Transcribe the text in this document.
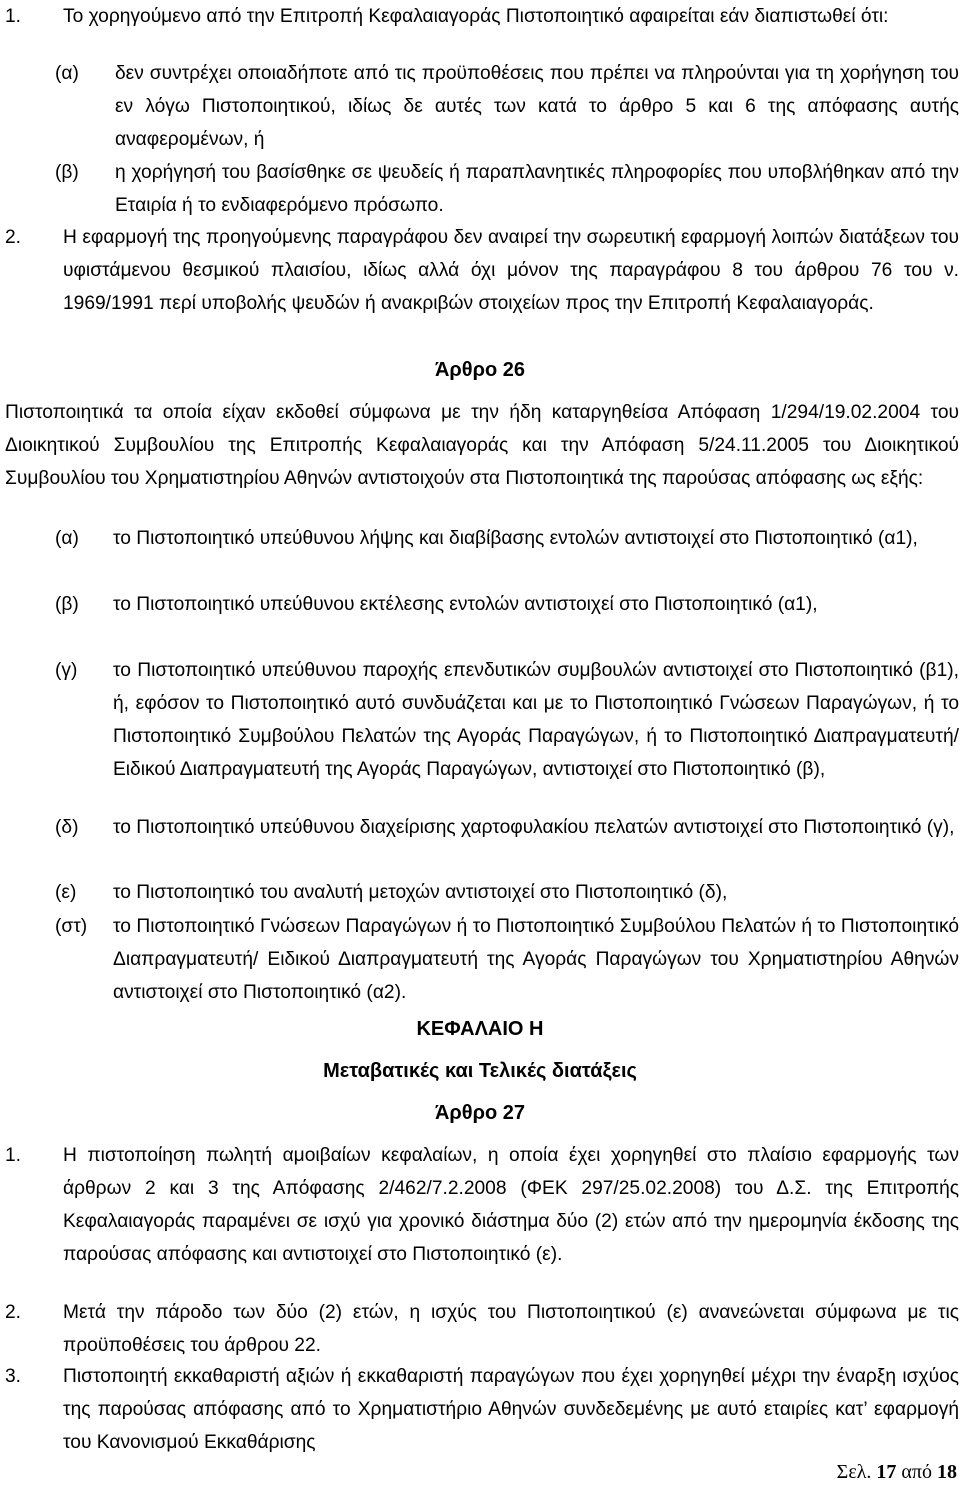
1.	Το χορηγούμενο από την Επιτροπή Κεφαλαιαγοράς Πιστοποιητικό αφαιρείται εάν διαπιστωθεί ότι:
(α) δεν συντρέχει οποιαδήποτε από τις προϋποθέσεις που πρέπει να πληρούνται για τη χορήγηση του εν λόγω Πιστοποιητικού, ιδίως δε αυτές των κατά το άρθρο 5 και 6 της απόφασης αυτής αναφερομένων, ή
(β) η χορήγησή του βασίσθηκε σε ψευδείς ή παραπλανητικές πληροφορίες που υποβλήθηκαν από την Εταιρία ή το ενδιαφερόμενο πρόσωπο.
2.	Η εφαρμογή της προηγούμενης παραγράφου δεν αναιρεί την σωρευτική εφαρμογή λοιπών διατάξεων του υφιστάμενου θεσμικού πλαισίου, ιδίως αλλά όχι μόνον της παραγράφου 8 του άρθρου 76 του ν. 1969/1991 περί υποβολής ψευδών ή ανακριβών στοιχείων προς την Επιτροπή Κεφαλαιαγοράς.
Άρθρο 26
Πιστοποιητικά τα οποία είχαν εκδοθεί σύμφωνα με την ήδη καταργηθείσα Απόφαση 1/294/19.02.2004 του Διοικητικού Συμβουλίου της Επιτροπής Κεφαλαιαγοράς και την Απόφαση 5/24.11.2005 του Διοικητικού Συμβουλίου του Χρηματιστηρίου Αθηνών αντιστοιχούν στα Πιστοποιητικά της παρούσας απόφασης ως εξής:
(α) το Πιστοποιητικό υπεύθυνου λήψης και διαβίβασης εντολών αντιστοιχεί στο Πιστοποιητικό (α1),
(β) το Πιστοποιητικό υπεύθυνου εκτέλεσης εντολών αντιστοιχεί στο Πιστοποιητικό (α1),
(γ) το Πιστοποιητικό υπεύθυνου παροχής επενδυτικών συμβουλών αντιστοιχεί στο Πιστοποιητικό (β1), ή, εφόσον το Πιστοποιητικό αυτό συνδυάζεται και με το Πιστοποιητικό Γνώσεων Παραγώγων, ή το Πιστοποιητικό Συμβούλου Πελατών της Αγοράς Παραγώγων, ή το Πιστοποιητικό Διαπραγματευτή/ Ειδικού Διαπραγματευτή της Αγοράς Παραγώγων, αντιστοιχεί στο Πιστοποιητικό (β),
(δ) το Πιστοποιητικό υπεύθυνου διαχείρισης χαρτοφυλακίου πελατών αντιστοιχεί στο Πιστοποιητικό (γ),
(ε) το Πιστοποιητικό του αναλυτή μετοχών αντιστοιχεί στο Πιστοποιητικό (δ),
(στ) το Πιστοποιητικό Γνώσεων Παραγώγων ή το Πιστοποιητικό Συμβούλου Πελατών ή το Πιστοποιητικό Διαπραγματευτή/ Ειδικού Διαπραγματευτή της Αγοράς Παραγώγων του Χρηματιστηρίου Αθηνών αντιστοιχεί στο Πιστοποιητικό (α2).
ΚΕΦΑΛΑΙΟ Η
Μεταβατικές και Τελικές διατάξεις
Άρθρο 27
1.	Η πιστοποίηση πωλητή αμοιβαίων κεφαλαίων, η οποία έχει χορηγηθεί στο πλαίσιο εφαρμογής των άρθρων 2 και 3 της Απόφασης 2/462/7.2.2008 (ΦΕΚ 297/25.02.2008) του Δ.Σ. της Επιτροπής Κεφαλαιαγοράς παραμένει σε ισχύ για χρονικό διάστημα δύο (2) ετών από την ημερομηνία έκδοσης της παρούσας απόφασης και αντιστοιχεί στο Πιστοποιητικό (ε).
2.	Μετά την πάροδο των δύο (2) ετών, η ισχύς του Πιστοποιητικού (ε) ανανεώνεται σύμφωνα με τις προϋποθέσεις του άρθρου 22.
3.	Πιστοποιητή εκκαθαριστή αξιών ή εκκαθαριστή παραγώγων που έχει χορηγηθεί μέχρι την έναρξη ισχύος της παρούσας απόφασης από το Χρηματιστήριο Αθηνών συνδεδεμένης με αυτό εταιρίες κατ’ εφαρμογή του Κανονισμού Εκκαθάρισης
Σελ. 17 από 18
